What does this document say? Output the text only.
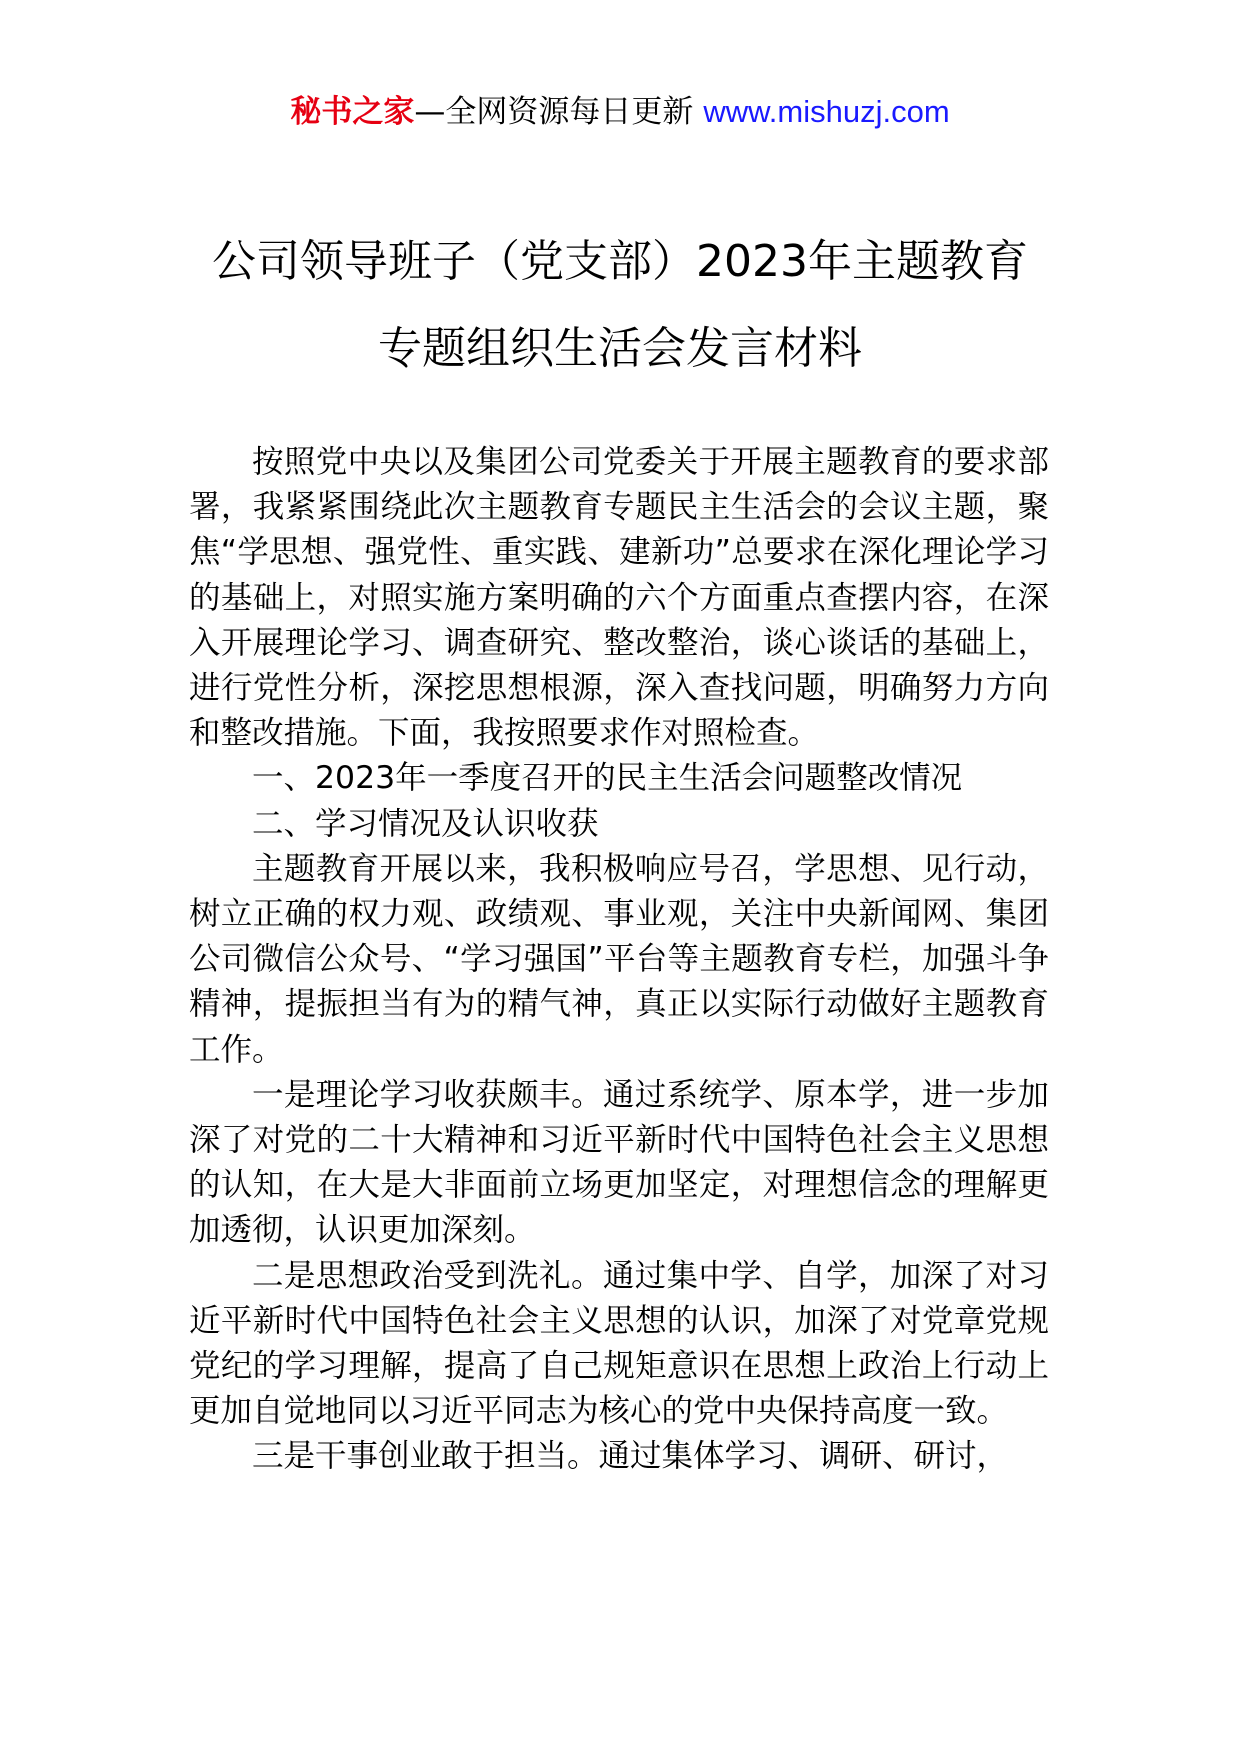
秘书之家—全网资源每日更新 www.mishuzj.com
公司领导班子（党支部）2023年主题教育
专题组织生活会发言材料

按照党中央以及集团公司党委关于开展主题教育的要求部署，我紧紧围绕此次主题教育专题民主生活会的会议主题，聚焦“学思想、强党性、重实践、建新功”总要求在深化理论学习的基础上，对照实施方案明确的六个方面重点查摆内容，在深入开展理论学习、调查研究、整改整治，谈心谈话的基础上，进行党性分析，深挖思想根源，深入查找问题，明确努力方向和整改措施。下面，我按照要求作对照检查。

一、2023年一季度召开的民主生活会问题整改情况

二、学习情况及认识收获

主题教育开展以来，我积极响应号召，学思想、见行动，树立正确的权力观、政绩观、事业观，关注中央新闻网、集团公司微信公众号、“学习强国”平台等主题教育专栏，加强斗争精神，提振担当有为的精气神，真正以实际行动做好主题教育工作。

一是理论学习收获颇丰。通过系统学、原本学，进一步加深了对党的二十大精神和习近平新时代中国特色社会主义思想的认知，在大是大非面前立场更加坚定，对理想信念的理解更加透彻，认识更加深刻。

二是思想政治受到洗礼。通过集中学、自学，加深了对习近平新时代中国特色社会主义思想的认识，加深了对党章党规党纪的学习理解，提高了自己规矩意识在思想上政治上行动上更加自觉地同以习近平同志为核心的党中央保持高度一致。

三是干事创业敢于担当。通过集体学习、调研、研讨，
